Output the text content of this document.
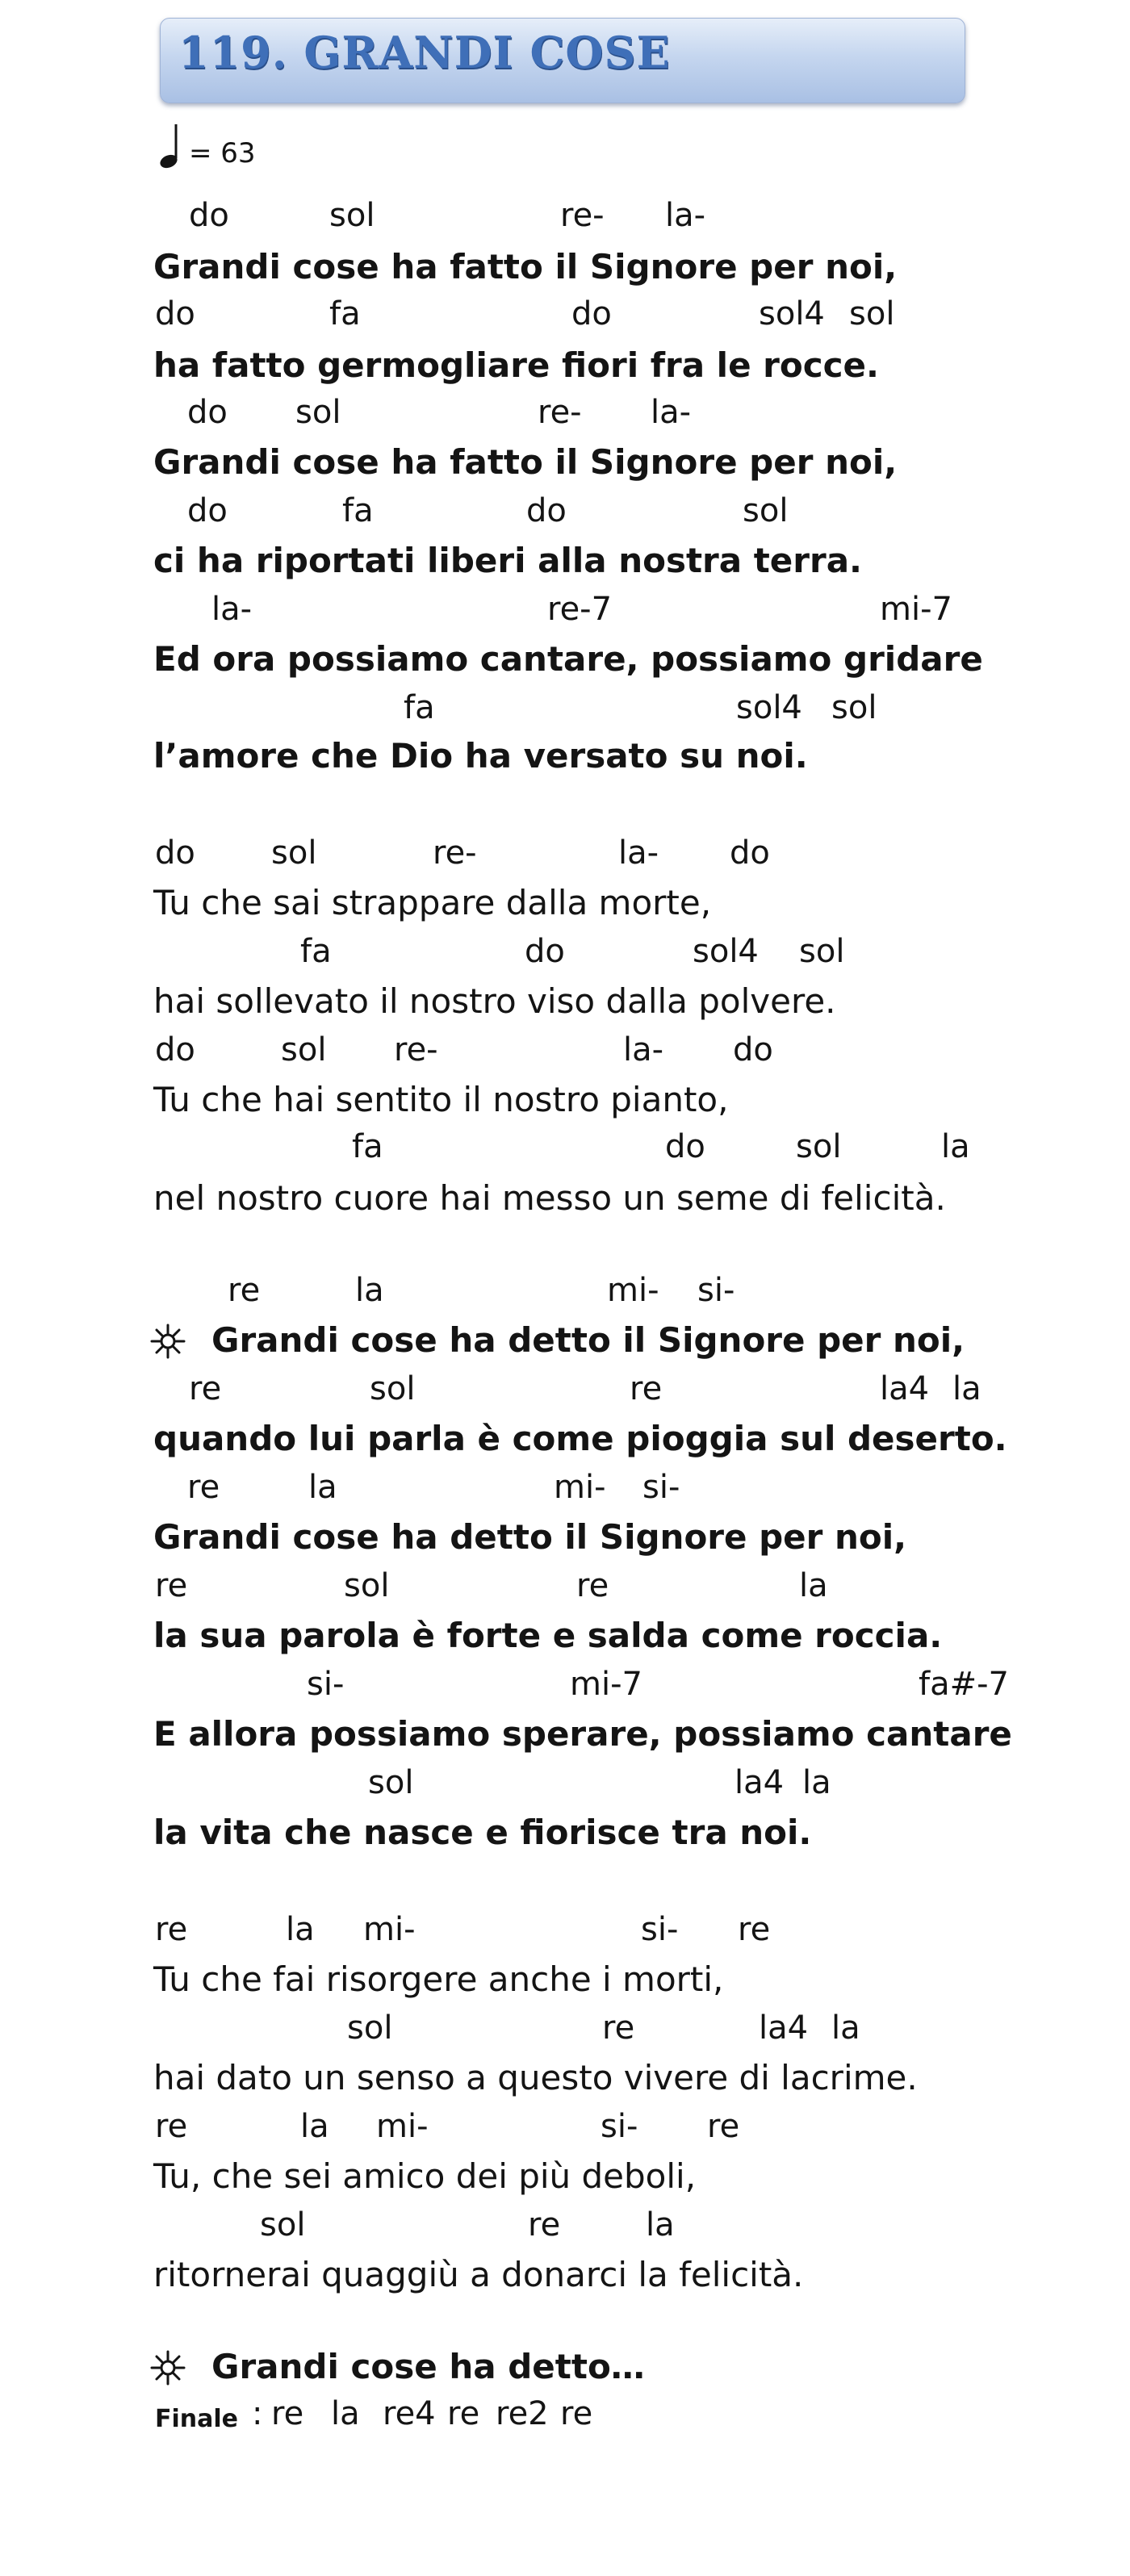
119. GRANDI COSE
= 63
do	sol	re- la-
Grandi cose ha fatto il Signore per noi,
do	fa	do	sol4 sol
ha fatto germogliare fiori fra le rocce.
do sol	re- la-
Grandi cose ha fatto il Signore per noi,
do	fa	do	sol
ci ha riportati liberi alla nostra terra.
la-	re-7	mi-7
Ed ora possiamo cantare, possiamo gridare
fa	sol4 sol
l’amore che Dio ha versato su noi.
do sol	re-	la- do
Tu che sai strappare dalla morte,
fa	do	sol4 sol
hai sollevato il nostro viso dalla polvere.
do	sol re-	la- do
Tu che hai sentito il nostro pianto,
fa	do	sol	la
nel nostro cuore hai messo un seme di felicità.
re	la	mi- si-
Grandi cose ha detto il Signore per noi,
re	sol	re	la4 la
quando lui parla è come pioggia sul deserto.
re	la	mi- si-
Grandi cose ha detto il Signore per noi,
re	sol	re	la
la sua parola è forte e salda come roccia.
si-	mi-7	fa#-7
E allora possiamo sperare, possiamo cantare
sol	la4 la
la vita che nasce e fiorisce tra noi.
re	la mi-	si- re
Tu che fai risorgere anche i morti,
sol	re	la4 la
hai dato un senso a questo vivere di lacrime.
re	la mi-	si- re
Tu, che sei amico dei più deboli,
sol	re	la
ritornerai quaggiù a donarci la felicità.
Grandi cose ha detto…
Finale : re la re4 re re2 re
